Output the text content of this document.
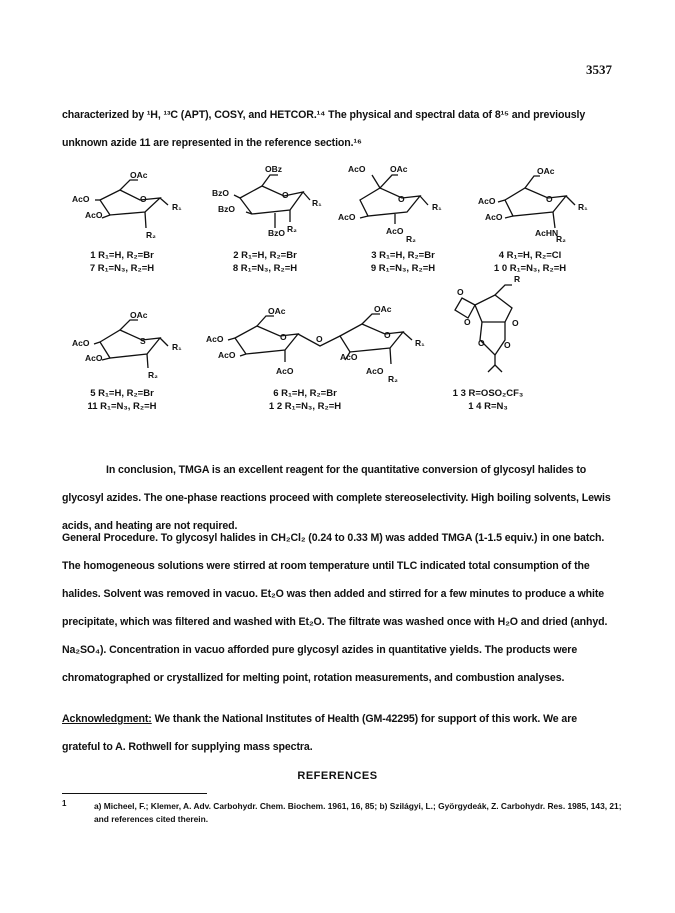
3537
characterized by ¹H, ¹³C (APT), COSY, and HETCOR.¹⁴ The physical and spectral data of 8¹⁵ and previously unknown azide 11 are represented in the reference section.¹⁶
OAc
AcO
AcO
O
R₁
R₂
OBz
BzO
BzO
O
R₁
BzO R₂
AcO	OAc
AcO
O
R₁
AcO
R₂
OAc
AcO
AcO
O
R₁
AcHN
R₂
OAc
AcO
AcO
S
R₁
R₂
OAc
AcO
AcO
O
AcO
O
OAc
AcO
O
R₁
AcO
R₂
R
O
O	O
O O
1 R₁=H, R₂=Br
7 R₁=N₃, R₂=H
2 R₁=H, R₂=Br
8 R₁=N₃, R₂=H
3 R₁=H, R₂=Br
9 R₁=N₃, R₂=H
4 R₁=H, R₂=Cl
1 0 R₁=N₃, R₂=H
5 R₁=H, R₂=Br
11 R₁=N₃, R₂=H
6 R₁=H, R₂=Br
1 2 R₁=N₃, R₂=H
1 3 R=OSO₂CF₃
1 4 R=N₃
In conclusion, TMGA is an excellent reagent for the quantitative conversion of glycosyl halides to glycosyl azides. The one-phase reactions proceed with complete stereoselectivity. High boiling solvents, Lewis acids, and heating are not required.
General Procedure. To glycosyl halides in CH₂Cl₂ (0.24 to 0.33 M) was added TMGA (1-1.5 equiv.) in one batch. The homogeneous solutions were stirred at room temperature until TLC indicated total consumption of the halides. Solvent was removed in vacuo. Et₂O was then added and stirred for a few minutes to produce a white precipitate, which was filtered and washed with Et₂O. The filtrate was washed once with H₂O and dried (anhyd. Na₂SO₄). Concentration in vacuo afforded pure glycosyl azides in quantitative yields. The products were chromatographed or crystallized for melting point, rotation measurements, and combustion analyses.
Acknowledgment: We thank the National Institutes of Health (GM-42295) for support of this work. We are grateful to A. Rothwell for supplying mass spectra.
REFERENCES
1	a) Micheel, F.; Klemer, A. Adv. Carbohydr. Chem. Biochem. 1961, 16, 85; b) Szilágyi, L.; Györgydeák, Z. Carbohydr. Res. 1985, 143, 21; and references cited therein.
